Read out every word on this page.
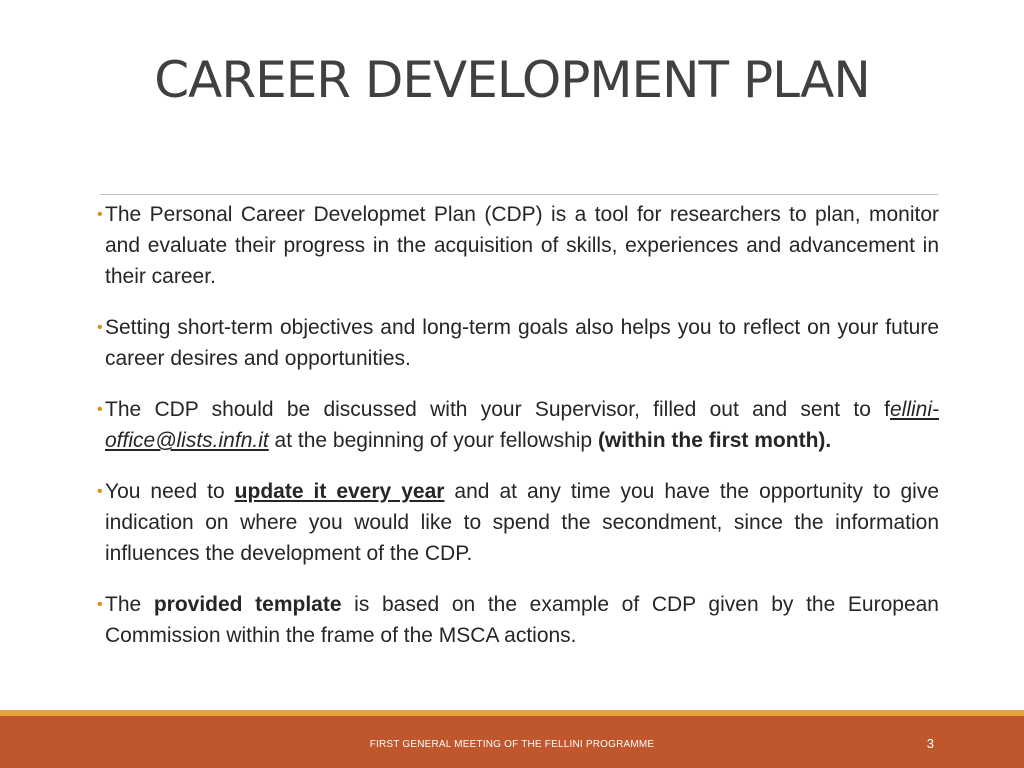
CAREER DEVELOPMENT PLAN
• The Personal Career Developmet Plan (CDP) is a tool for researchers to plan, monitor and evaluate their progress in the acquisition of skills, experiences and advancement in their career.
• Setting short-term objectives and long-term goals also helps you to reflect on your future career desires and opportunities.
• The CDP should be discussed with your Supervisor, filled out and sent to fellini-office@lists.infn.it at the beginning of your fellowship (within the first month).
• You need to update it every year and at any time you have the opportunity to give indication on where you would like to spend the secondment, since the information influences the development of the CDP.
• The provided template is based on the example of CDP given by the European Commission within the frame of the MSCA actions.
FIRST GENERAL MEETING OF THE FELLINI PROGRAMME	3
